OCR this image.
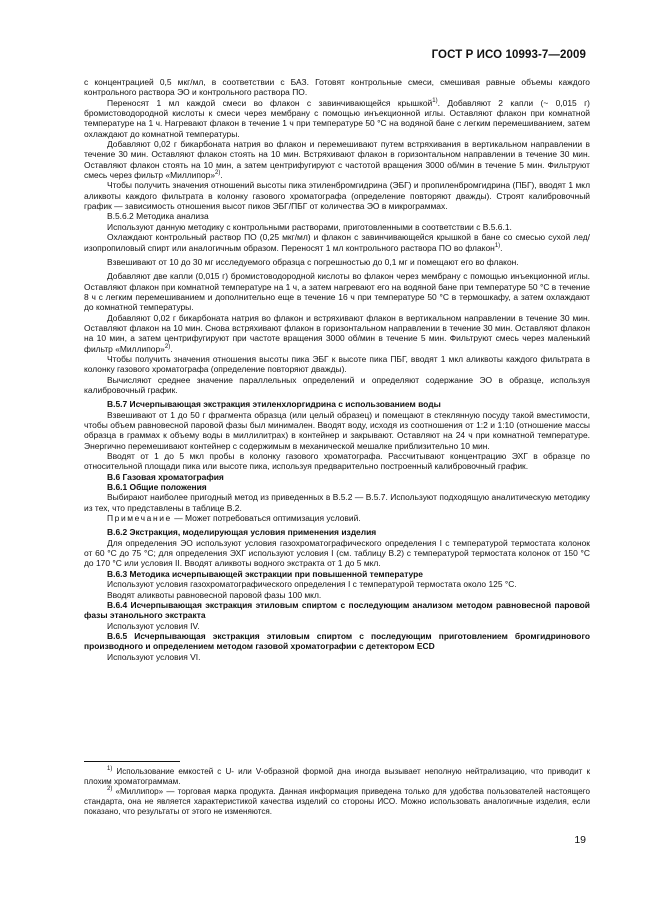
ГОСТ Р ИСО 10993-7—2009

с концентрацией 0,5 мкг/мл, в соответствии с БАЗ. Готовят контрольные смеси, смешивая равные объемы каждого контрольного раствора ЭО и контрольного раствора ПО.

Переносят 1 мл каждой смеси во флакон с завинчивающейся крышкой$^{1)}$. Добавляют 2 капли (~ 0,015 г) бромистоводородной кислоты к смеси через мембрану с помощью инъекционной иглы. Оставляют флакон при комнатной температуре на 1 ч. Нагревают флакон в течение 1 ч при температуре 50 °С на водяной бане с легким перемешиванием, затем охлаждают до комнатной температуры.

Добавляют 0,02 г бикарбоната натрия во флакон и перемешивают путем встряхивания в вертикальном направлении в течение 30 мин. Оставляют флакон стоять на 10 мин. Встряхивают флакон в горизонтальном направлении в течение 30 мин. Оставляют флакон стоять на 10 мин, а затем центрифугируют с частотой вращения 3000 об/мин в течение 5 мин. Фильтруют смесь через фильтр «Миллипор»$^{2)}$.

Чтобы получить значения отношений высоты пика этиленбромгидрина (ЭБГ) и пропиленбромгидрина (ПБГ), вводят 1 мкл аликвоты каждого фильтрата в колонку газового хроматографа (определение повторяют дважды). Строят калибровочный график — зависимость отношения высот пиков ЭБГ/ПБГ от количества ЭО в микрограммах.

В.5.6.2 Методика анализа

Используют данную методику с контрольными растворами, приготовленными в соответствии с В.5.6.1.

Охлаждают контрольный раствор ПО (0,25 мкг/мл) и флакон с завинчивающейся крышкой в бане со смесью сухой лед/изопропиловый спирт или аналогичным образом. Переносят 1 мл контрольного раствора ПО во флакон$^{1)}$.

Взвешивают от 10 до 30 мг исследуемого образца с погрешностью до 0,1 мг и помещают его во флакон.

Добавляют две капли (0,015 г) бромистоводородной кислоты во флакон через мембрану с помощью инъекционной иглы. Оставляют флакон при комнатной температуре на 1 ч, а затем нагревают его на водяной бане при температуре 50 °С в течение 8 ч с легким перемешиванием и дополнительно еще в течение 16 ч при температуре 50 °С в термошкафу, а затем охлаждают до комнатной температуры.

Добавляют 0,02 г бикарбоната натрия во флакон и встряхивают флакон в вертикальном направлении в течение 30 мин. Оставляют флакон на 10 мин. Снова встряхивают флакон в горизонтальном направлении в течение 30 мин. Оставляют флакон на 10 мин, а затем центрифугируют при частоте вращения 3000 об/мин в течение 5 мин. Фильтруют смесь через маленький фильтр «Миллипор»$^{2)}$.

Чтобы получить значения отношения высоты пика ЭБГ к высоте пика ПБГ, вводят 1 мкл аликвоты каждого фильтрата в колонку газового хроматографа (определение повторяют дважды).

Вычисляют среднее значение параллельных определений и определяют содержание ЭО в образце, используя калибровочный график.

В.5.7 Исчерпывающая экстракция этиленхлоргидрина с использованием воды

Взвешивают от 1 до 50 г фрагмента образца (или целый образец) и помещают в стеклянную посуду такой вместимости, чтобы объем равновесной паровой фазы был минимален. Вводят воду, исходя из соотношения от 1:2 и 1:10 (отношение массы образца в граммах к объему воды в миллилитрах) в контейнер и закрывают. Оставляют на 24 ч при комнатной температуре. Энергично перемешивают контейнер с содержимым в механической мешалке приблизительно 10 мин.

Вводят от 1 до 5 мкл пробы в колонку газового хроматографа. Рассчитывают концентрацию ЭХГ в образце по относительной площади пика или высоте пика, используя предварительно построенный калибровочный график.

В.6 Газовая хроматография

В.6.1 Общие положения

Выбирают наиболее пригодный метод из приведенных в В.5.2 — В.5.7. Используют подходящую аналитическую методику из тех, что представлены в таблице В.2.

Примечание — Может потребоваться оптимизация условий.

В.6.2 Экстракция, моделирующая условия применения изделия

Для определения ЭО используют условия газохроматографического определения I с температурой термостата колонок от 60 °С до 75 °С; для определения ЭХГ используют условия I (см. таблицу В.2) с температурой термостата колонок от 150 °С до 170 °С или условия II. Вводят аликвоты водного экстракта от 1 до 5 мкл.

В.6.3 Методика исчерпывающей экстракции при повышенной температуре

Используют условия газохроматографического определения I с температурой термостата около 125 °С.

Вводят аликвоты равновесной паровой фазы 100 мкл.

В.6.4 Исчерпывающая экстракция этиловым спиртом с последующим анализом методом равновесной паровой фазы этанольного экстракта

Используют условия IV.

В.6.5 Исчерпывающая экстракция этиловым спиртом с последующим приготовлением бромгидринового производного и определением методом газовой хроматографии с детектором ECD

Используют условия VI.

$^{1)}$ Использование емкостей с U- или V-образной формой дна иногда вызывает неполную нейтрализацию, что приводит к плохим хроматограммам.

$^{2)}$ «Миллипор» — торговая марка продукта. Данная информация приведена только для удобства пользователей настоящего стандарта, она не является характеристикой качества изделий со стороны ИСО. Можно использовать аналогичные изделия, если показано, что результаты от этого не изменяются.

19
